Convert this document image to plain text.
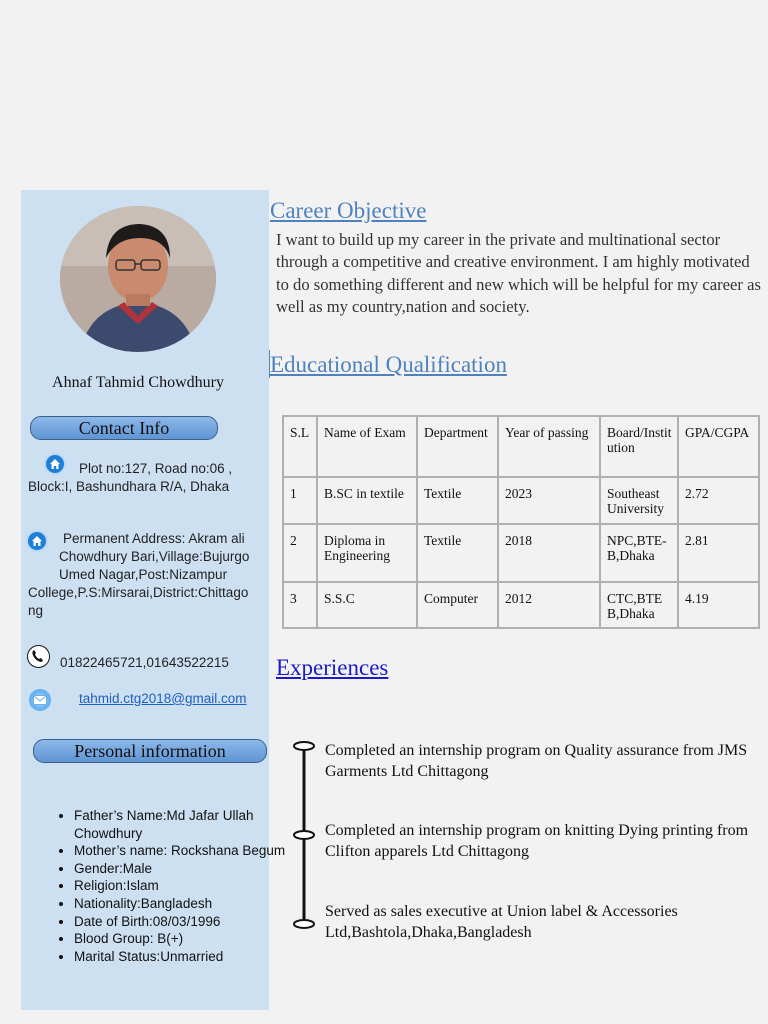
Ahnaf Tahmid Chowdhury
Contact Info
Plot no:127, Road no:06 ,
Block:I, Bashundhara R/A, Dhaka
Permanent Address: Akram ali
Chowdhury Bari,Village:Bujurgo
Umed Nagar,Post:Nizampur
College,P.S:Mirsarai,District:Chittago
ng
01822465721,01643522215
tahmid.ctg2018@gmail.com
Personal information
• Father’s Name:Md Jafar Ullah Chowdhury
• Mother’s name: Rockshana Begum
• Gender:Male
• Religion:Islam
• Nationality:Bangladesh
• Date of Birth:08/03/1996
• Blood Group: B(+)
• Marital Status:Unmarried
Career Objective
I want to build up my career in the private and multinational sector through a competitive and creative environment. I am highly motivated to do something different and new which will be helpful for my career as well as my country,nation and society.
Educational Qualification
S.L	Name of Exam	Department	Year of passing	Board/Institution	GPA/CGPA
1	B.SC in textile	Textile	2023	Southeast University	2.72
2	Diploma in Engineering	Textile	2018	NPC,BTE-B,Dhaka	2.81
3	S.S.C	Computer	2012	CTC,BTE B,Dhaka	4.19
Experiences
Completed an internship program on Quality assurance from JMS Garments Ltd Chittagong
Completed an internship program on knitting Dying printing from Clifton apparels Ltd Chittagong
Served as sales executive at Union label & Accessories Ltd,Bashtola,Dhaka,Bangladesh
